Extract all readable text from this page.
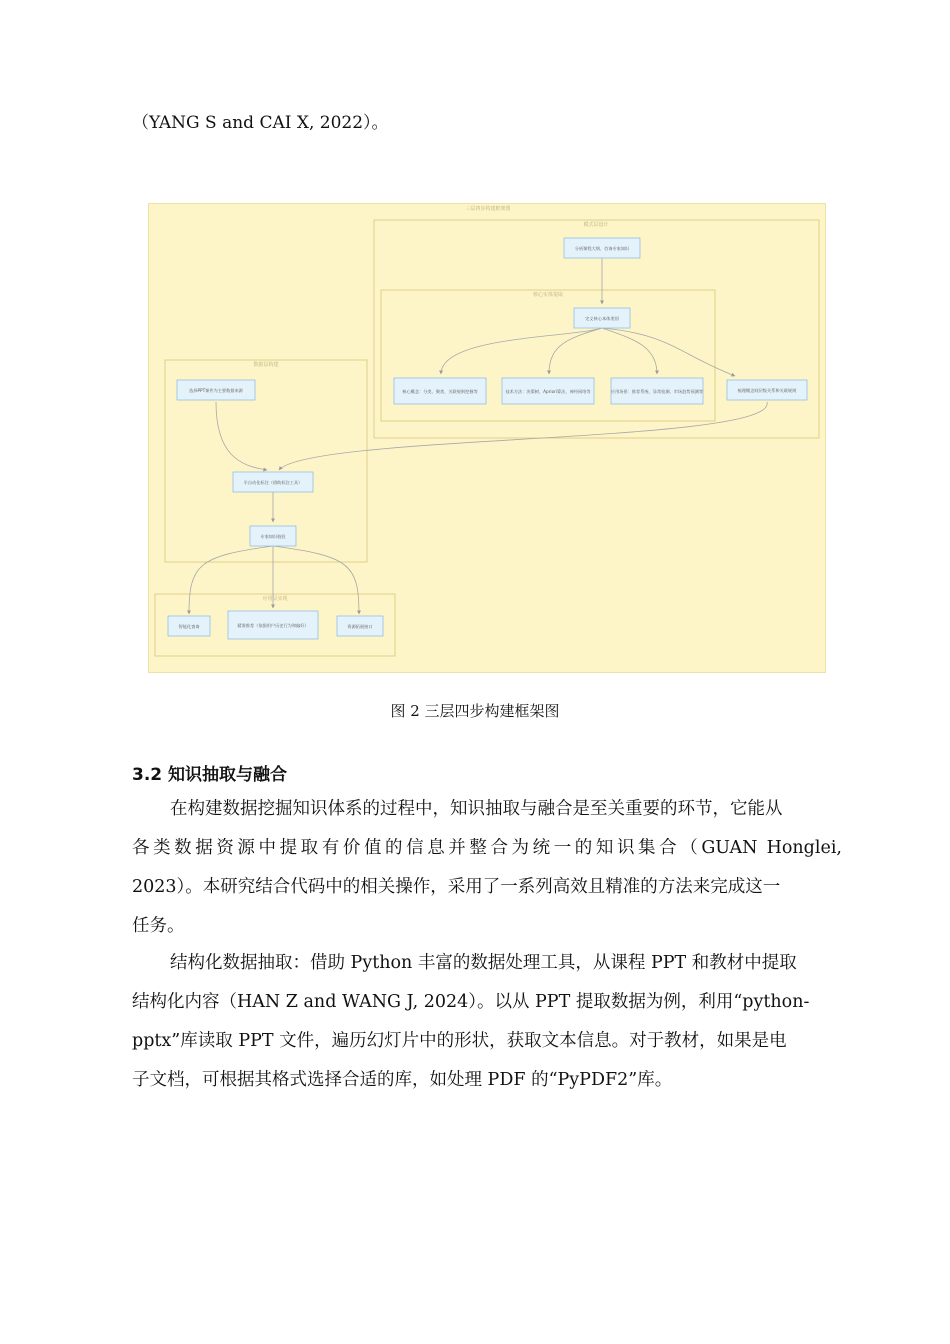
（YANG S and CAI X, 2022）。
三层四步构建框架图
模式层设计
核心实体提取
数据层构建
应用层实现
分析课程大纲、咨询专家知识
定义核心本体类别
核心概念：分类、聚类、关联规则挖掘等	技术方法：决策树、Apriori算法、神经网络等	应用场景：推荐系统、异常检测、市场趋势预测等	梳理概念间层级关系和关联规则
选择PPT课件为主要数据来源
半自动化标注（借助标注工具）
专家知识校验
智能化查询	精准推荐（依据用户历史行为和偏好）	资源拓展接口
图 2 三层四步构建框架图
3.2 知识抽取与融合
在构建数据挖掘知识体系的过程中，知识抽取与融合是至关重要的环节，它能从
各类数据资源中提取有价值的信息并整合为统一的知识集合（GUAN Honglei,
2023）。本研究结合代码中的相关操作，采用了一系列高效且精准的方法来完成这一
任务。
结构化数据抽取：借助 Python 丰富的数据处理工具，从课程 PPT 和教材中提取
结构化内容（HAN Z and WANG J, 2024）。以从 PPT 提取数据为例，利用“python-
pptx”库读取 PPT 文件，遍历幻灯片中的形状，获取文本信息。对于教材，如果是电
子文档，可根据其格式选择合适的库，如处理 PDF 的“PyPDF2”库。
